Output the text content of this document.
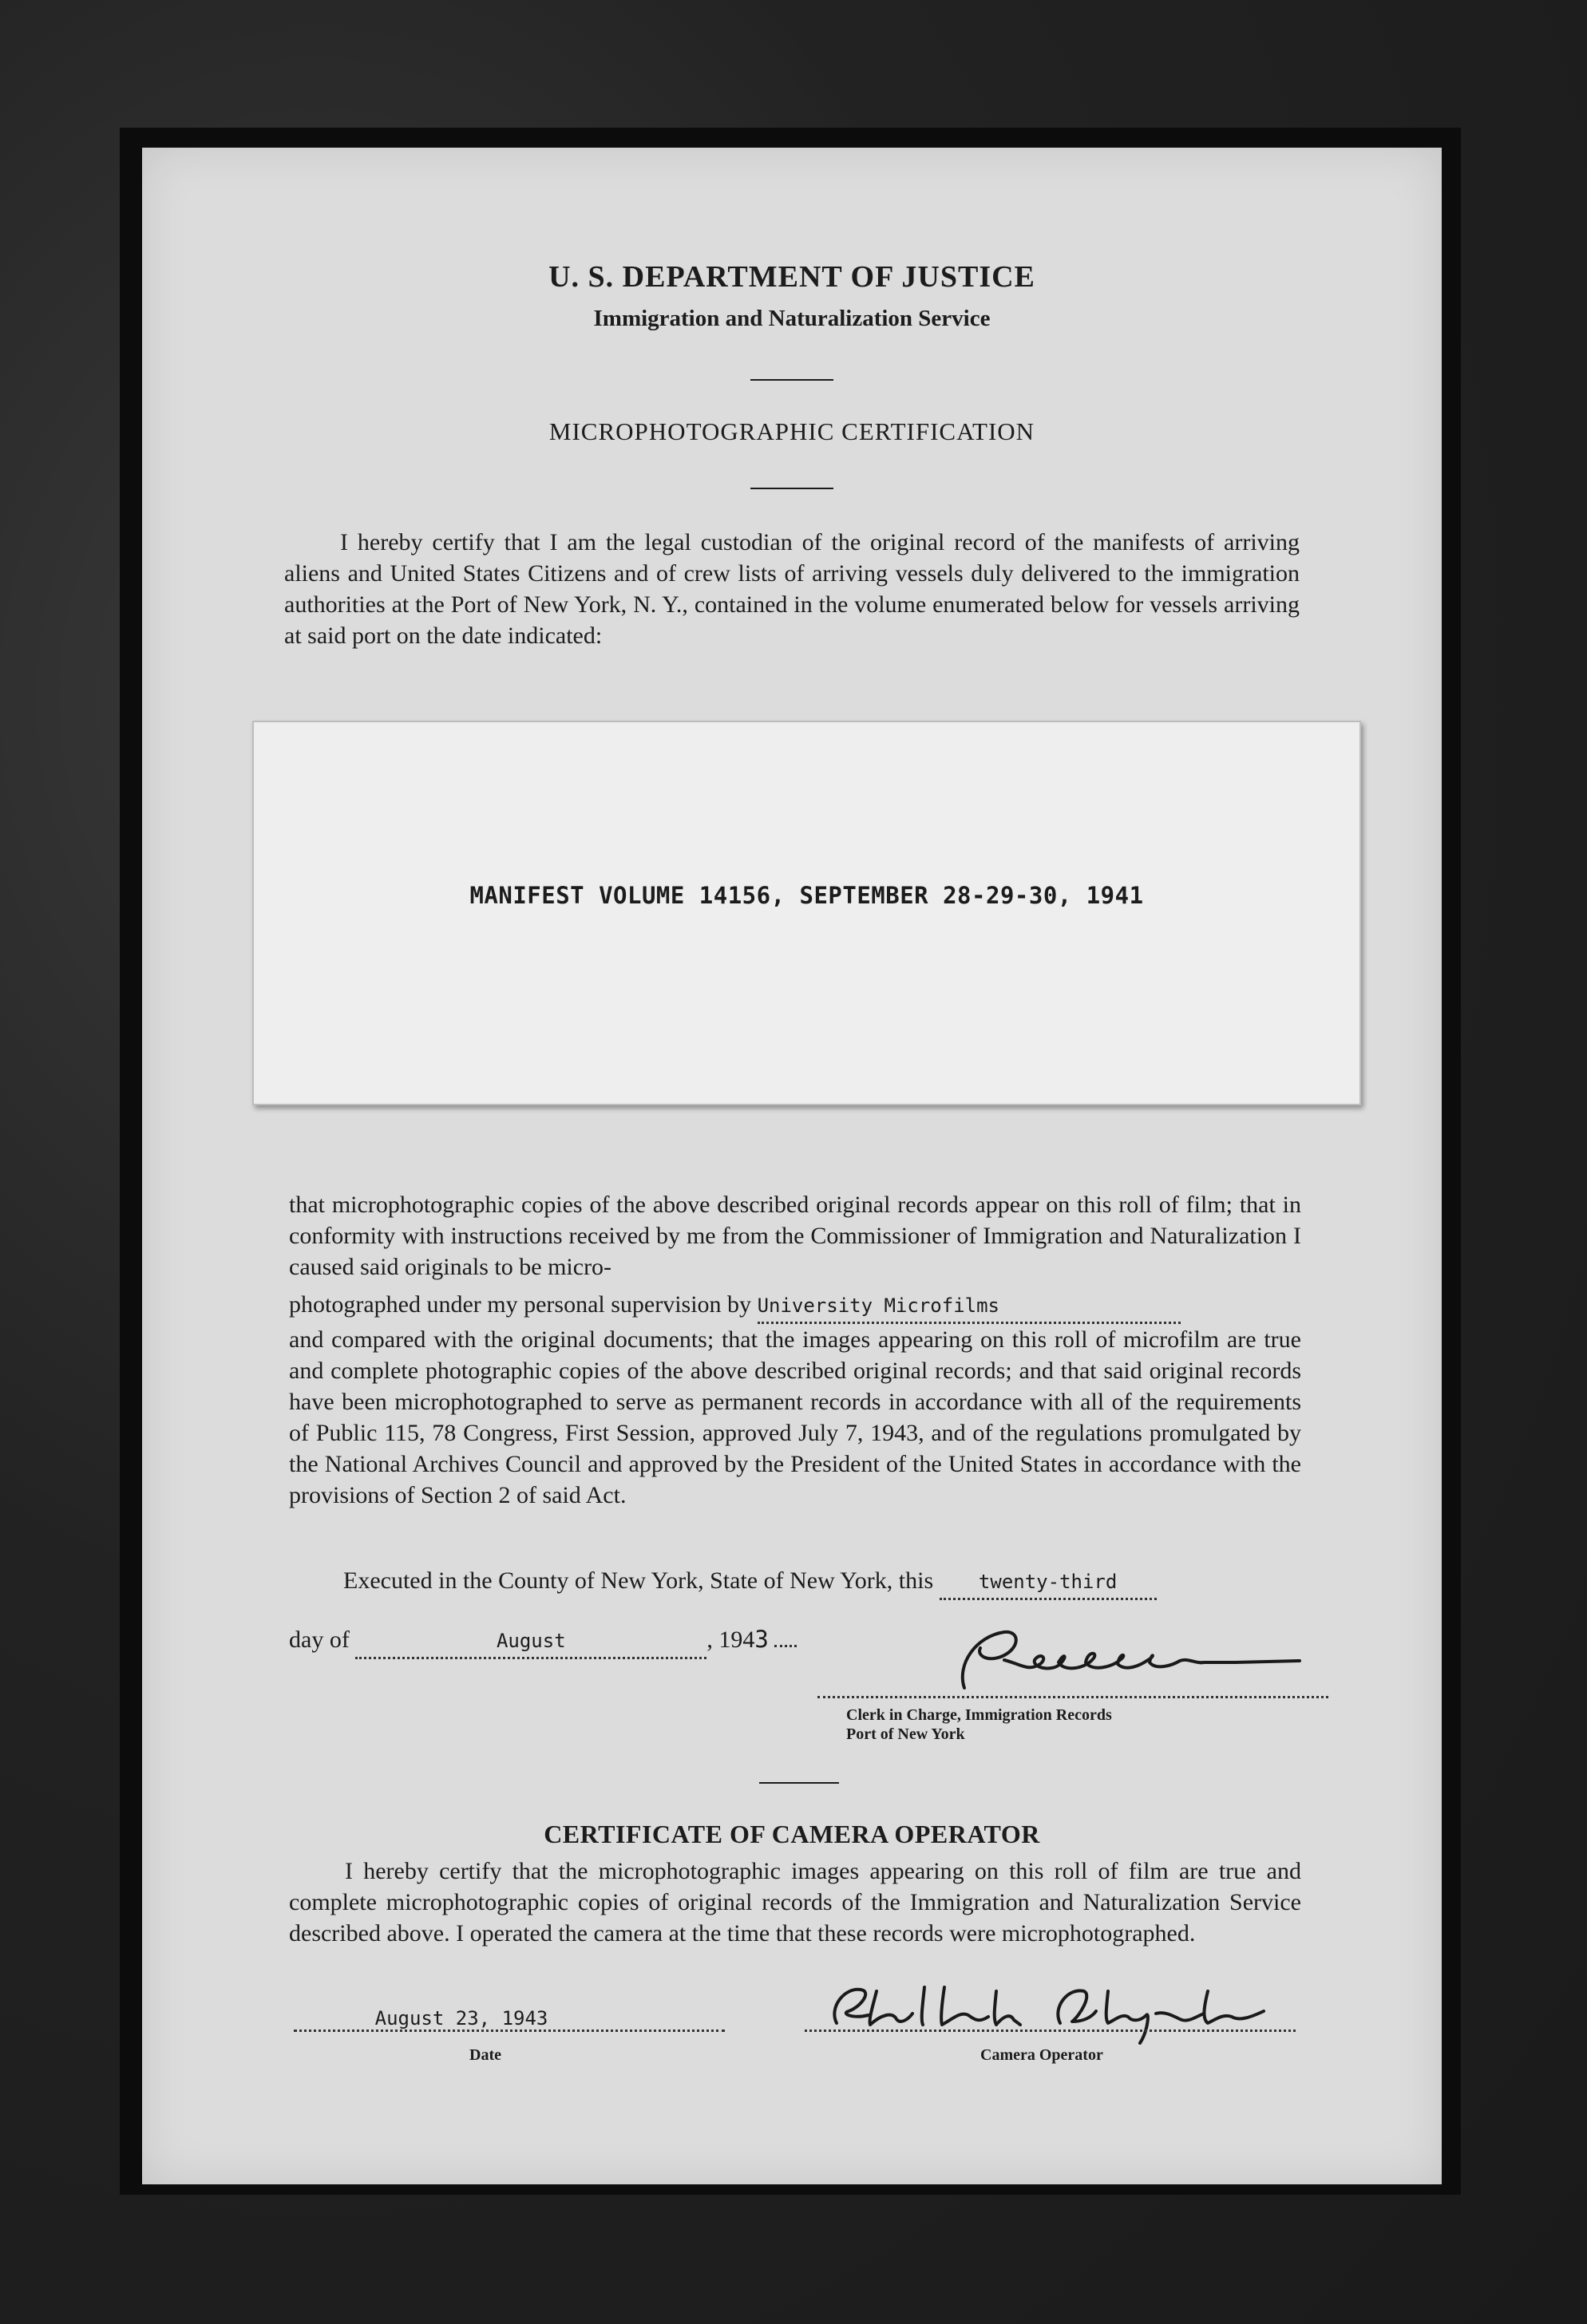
U. S. DEPARTMENT OF JUSTICE
Immigration and Naturalization Service
MICROPHOTOGRAPHIC CERTIFICATION

I hereby certify that I am the legal custodian of the original record of the manifests of arriving aliens and United States Citizens and of crew lists of arriving vessels duly delivered to the immigration authorities at the Port of New York, N. Y., contained in the volume enumerated below for vessels arriving at said port on the date indicated:

MANIFEST VOLUME 14156, SEPTEMBER 28-29-30, 1941

that microphotographic copies of the above described original records appear on this roll of film; that in conformity with instructions received by me from the Commissioner of Immigration and Naturalization I caused said originals to be micro-

photographed under my personal supervision by University Microfilms

and compared with the original documents; that the images appearing on this roll of microfilm are true and complete photographic copies of the above described original records; and that said original records have been microphotographed to serve as permanent records in accordance with all of the requirements of Public 115, 78 Congress, First Session, approved July 7, 1943, and of the regulations promulgated by the National Archives Council and approved by the President of the United States in accordance with the provisions of Section 2 of said Act.

Executed in the County of New York, State of New York, this twenty-third
day of	August	, 1943
Clerk in Charge, Immigration Records
Port of New York
CERTIFICATE OF CAMERA OPERATOR

I hereby certify that the microphotographic images appearing on this roll of film are true and complete microphotographic copies of original records of the Immigration and Naturalization Service described above. I operated the camera at the time that these records were microphotographed.

August 23, 1943
Date	Camera Operator
